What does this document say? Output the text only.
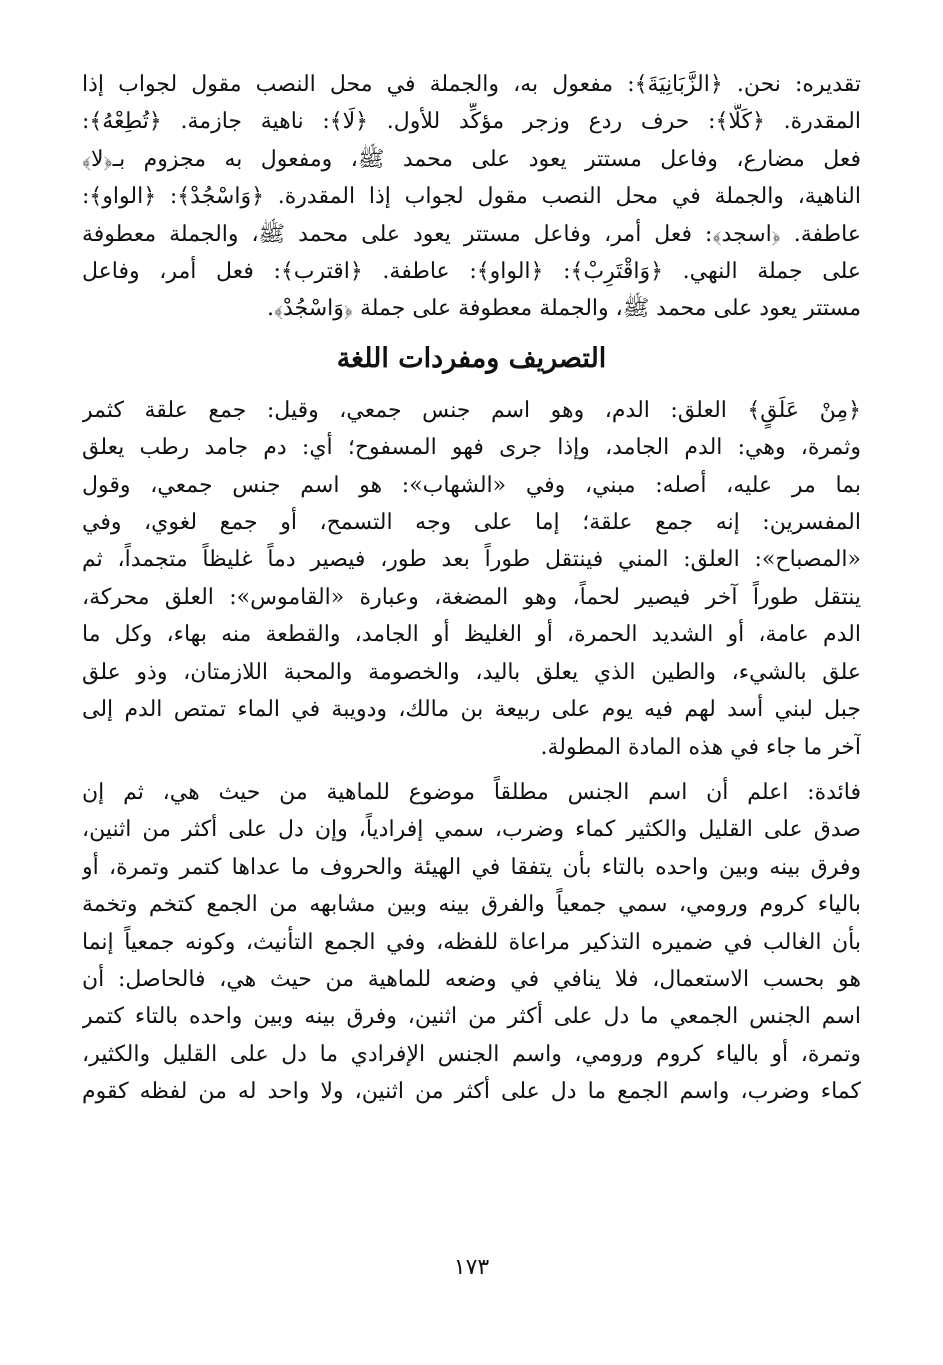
تقديره: نحن. ﴿الزَّبَانِيَةَ﴾: مفعول به، والجملة في محل النصب مقول لجواب إذا
المقدرة. ﴿كَلَّا﴾: حرف ردع وزجر مؤكِّد للأول. ﴿لَا﴾: ناهية جازمة. ﴿تُطِعْهُ﴾:
فعل مضارع، وفاعل مستتر يعود على محمد ﷺ، ومفعول به مجزوم بـ﴿لا﴾
الناهية، والجملة في محل النصب مقول لجواب إذا المقدرة. ﴿وَاسْجُدْ﴾: ﴿الواو﴾:
عاطفة. ﴿اسجد﴾: فعل أمر، وفاعل مستتر يعود على محمد ﷺ، والجملة معطوفة
على جملة النهي. ﴿وَاقْتَرِبْ﴾: ﴿الواو﴾: عاطفة. ﴿اقترب﴾: فعل أمر، وفاعل
مستتر يعود على محمد ﷺ، والجملة معطوفة على جملة ﴿وَاسْجُدْ﴾.
التصريف ومفردات اللغة
﴿مِنْ عَلَقٍ﴾ العلق: الدم، وهو اسم جنس جمعي، وقيل: جمع علقة كثمر
وثمرة، وهي: الدم الجامد، وإذا جرى فهو المسفوح؛ أي: دم جامد رطب يعلق
بما مر عليه، أصله: مبني، وفي «الشهاب»: هو اسم جنس جمعي، وقول
المفسرين: إنه جمع علقة؛ إما على وجه التسمح، أو جمع لغوي، وفي
«المصباح»: العلق: المني فينتقل طوراً بعد طور، فيصير دماً غليظاً متجمداً، ثم
ينتقل طوراً آخر فيصير لحماً، وهو المضغة، وعبارة «القاموس»: العلق محركة،
الدم عامة، أو الشديد الحمرة، أو الغليظ أو الجامد، والقطعة منه بهاء، وكل ما
علق بالشيء، والطين الذي يعلق باليد، والخصومة والمحبة اللازمتان، وذو علق
جبل لبني أسد لهم فيه يوم على ربيعة بن مالك، ودويبة في الماء تمتص الدم إلى
آخر ما جاء في هذه المادة المطولة.
فائدة: اعلم أن اسم الجنس مطلقاً موضوع للماهية من حيث هي، ثم إن
صدق على القليل والكثير كماء وضرب، سمي إفرادياً، وإن دل على أكثر من اثنين،
وفرق بينه وبين واحده بالتاء بأن يتفقا في الهيئة والحروف ما عداها كتمر وتمرة، أو
بالياء كروم ورومي، سمي جمعياً والفرق بينه وبين مشابهه من الجمع كتخم وتخمة
بأن الغالب في ضميره التذكير مراعاة للفظه، وفي الجمع التأنيث، وكونه جمعياً إنما
هو بحسب الاستعمال، فلا ينافي في وضعه للماهية من حيث هي، فالحاصل: أن
اسم الجنس الجمعي ما دل على أكثر من اثنين، وفرق بينه وبين واحده بالتاء كتمر
وتمرة، أو بالياء كروم ورومي، واسم الجنس الإفرادي ما دل على القليل والكثير،
كماء وضرب، واسم الجمع ما دل على أكثر من اثنين، ولا واحد له من لفظه كقوم
١٧٣
